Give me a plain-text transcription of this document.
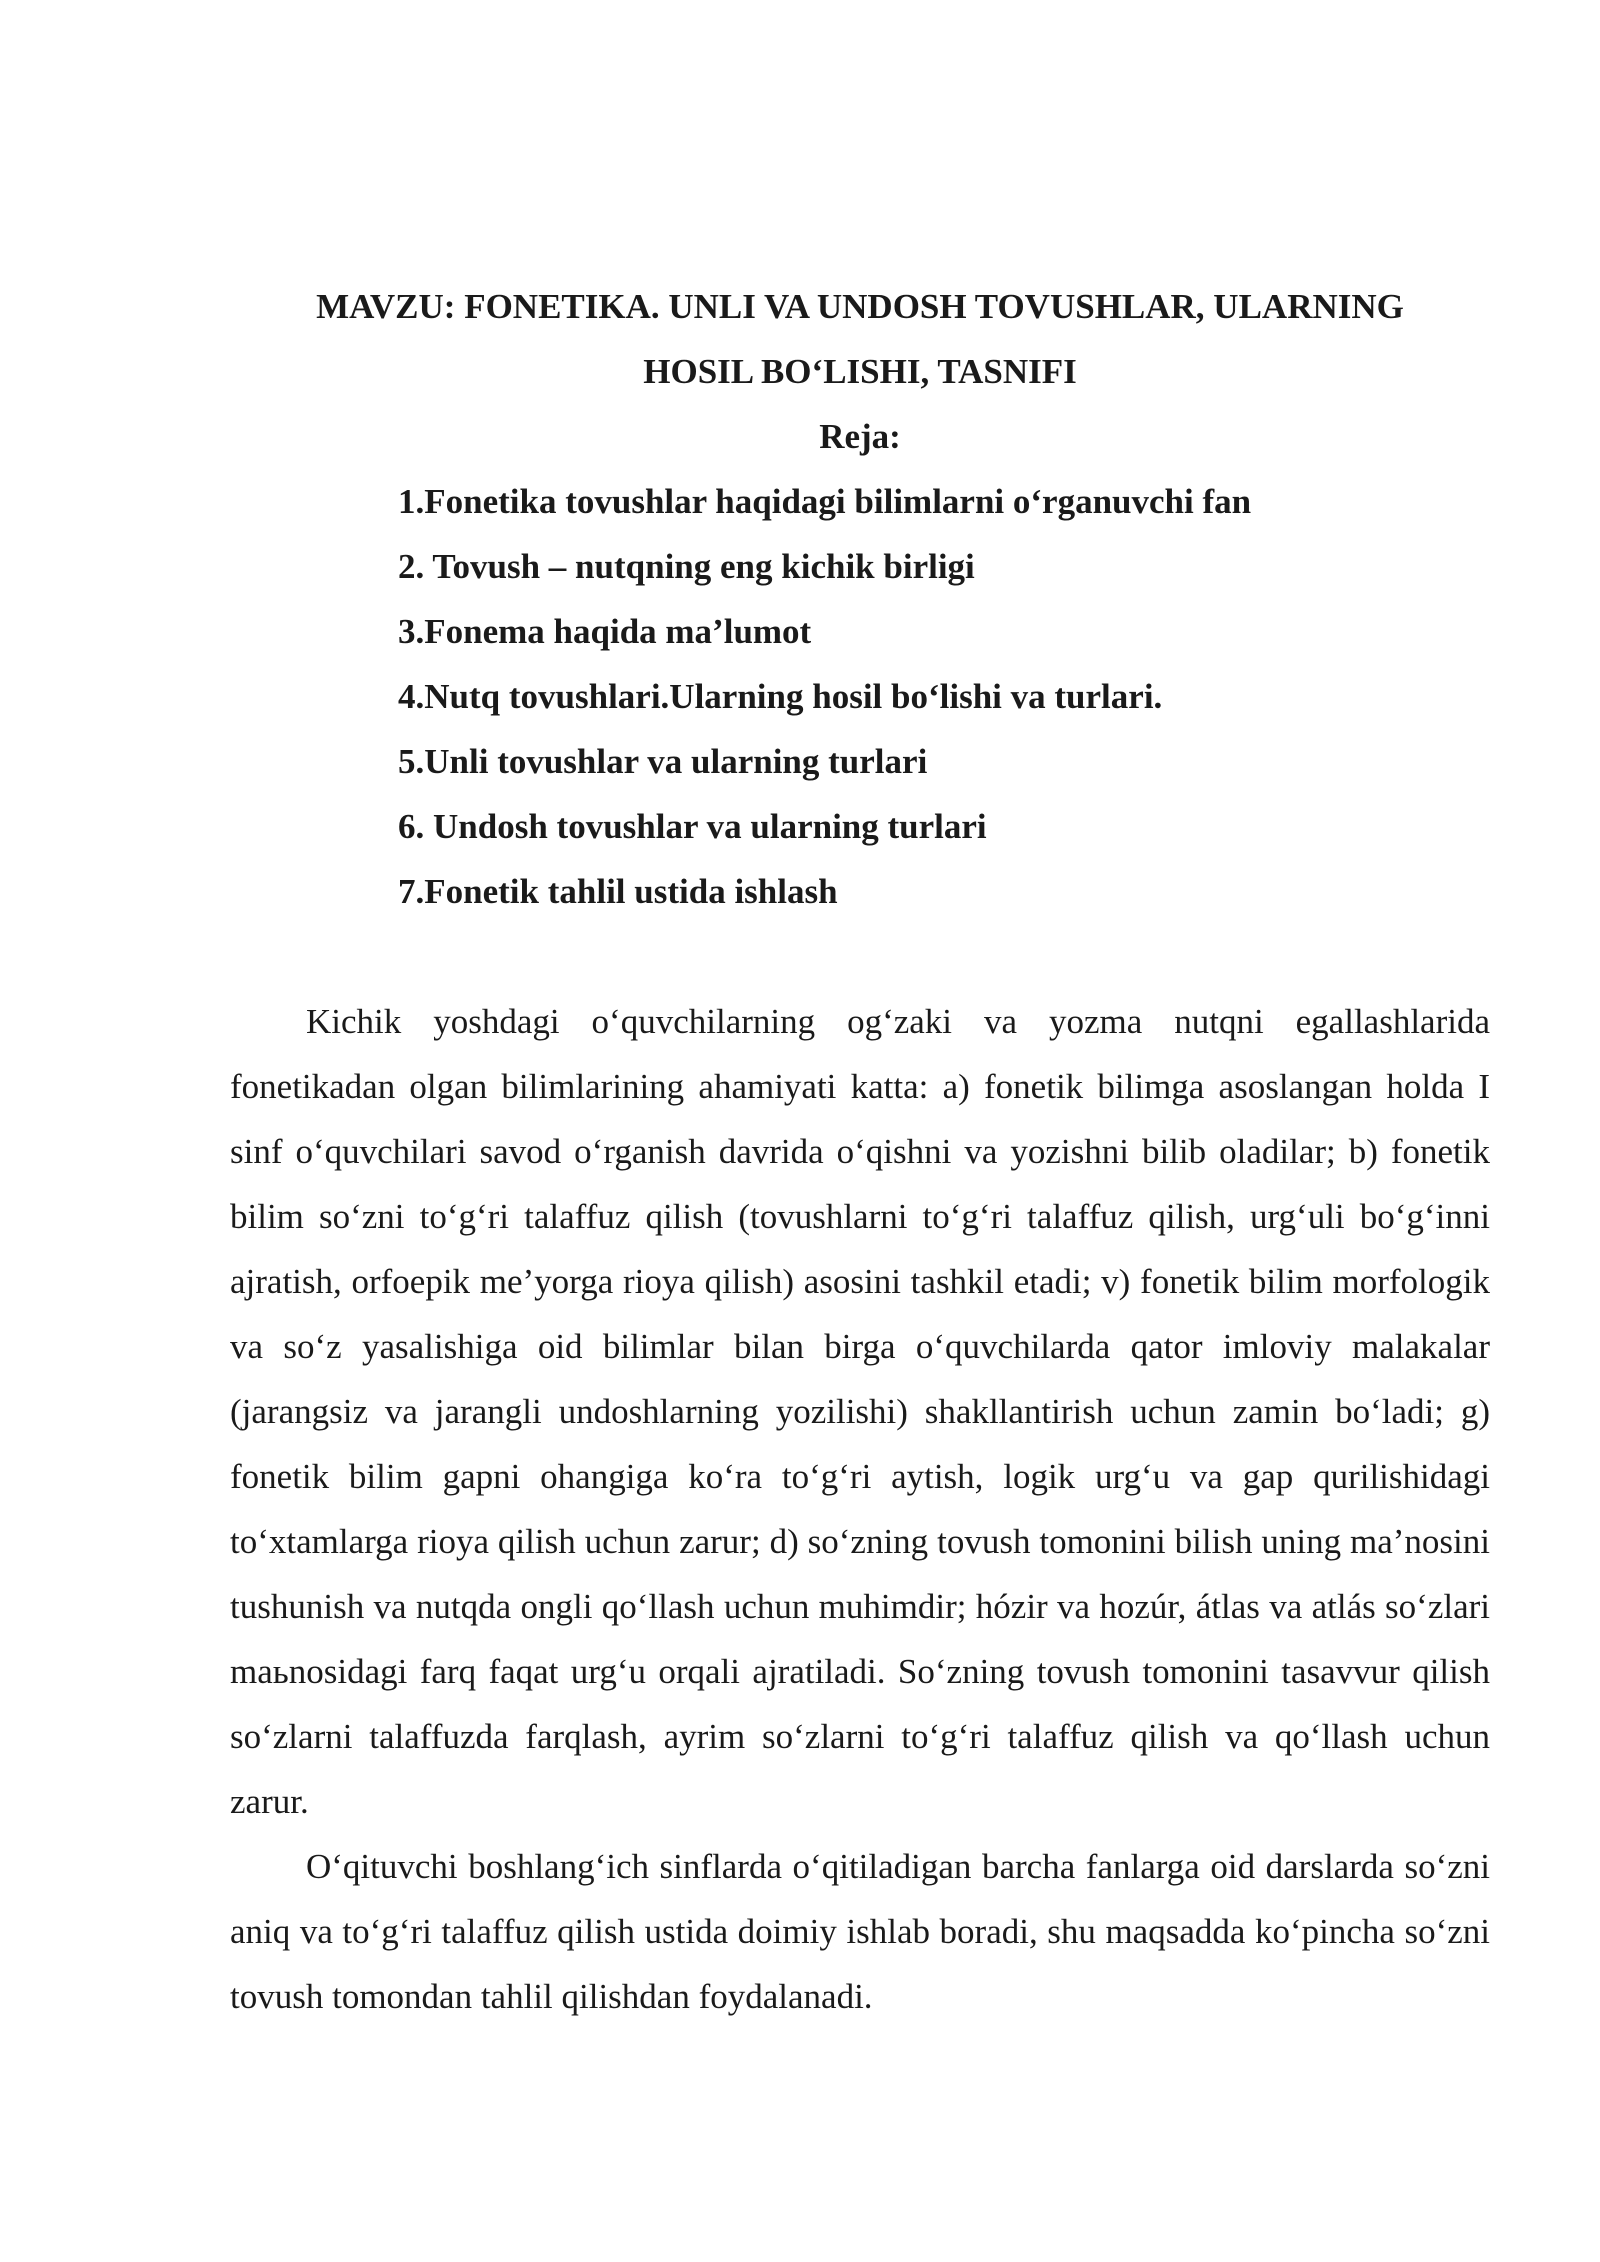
MAVZU: FONETIKA. UNLI VA UNDOSH TOVUSHLAR, ULARNING
HOSIL BO‘LISHI, TASNIFI
Reja:
1.Fonetika tovushlar haqidagi bilimlarni o‘rganuvchi fan
2. Tovush – nutqning eng kichik birligi
3.Fonema haqida ma’lumot
4.Nutq tovushlari.Ularning hosil bo‘lishi va turlari.
5.Unli tovushlar va ularning turlari
6. Undosh tovushlar va ularning turlari
7.Fonetik tahlil ustida ishlash

Kichik yoshdagi o‘quvchilarning og‘zaki va yozma nutqni egallashlarida fonetikadan olgan bilimlarining ahamiyati katta: a) fonetik bilimga asoslangan holda I sinf o‘quvchilari savod o‘rganish davrida o‘qishni va yozishni bilib oladilar; b) fonetik bilim so‘zni to‘g‘ri talaffuz qilish (tovushlarni to‘g‘ri talaffuz qilish, urg‘uli bo‘g‘inni ajratish, orfoepik me’yorga rioya qilish) asosini tashkil etadi; v) fonetik bilim morfologik va so‘z yasalishiga oid bilimlar bilan birga o‘quvchilarda qator imloviy malakalar (jarangsiz va jarangli undoshlarning yozilishi) shakllantirish uchun zamin bo‘ladi; g) fonetik bilim gapni ohangiga ko‘ra to‘g‘ri aytish, logik urg‘u va gap qurilishidagi to‘xtamlarga rioya qilish uchun zarur; d) so‘zning tovush tomonini bilish uning ma’nosini tushunish va nutqda ongli qo‘llash uchun muhimdir; hózir va hozúr, átlas va atlás so‘zlari maьnosidagi farq faqat urg‘u orqali ajratiladi. So‘zning tovush tomonini tasavvur qilish so‘zlarni talaffuzda farqlash, ayrim so‘zlarni to‘g‘ri talaffuz qilish va qo‘llash uchun zarur.

O‘qituvchi boshlang‘ich sinflarda o‘qitiladigan barcha fanlarga oid darslarda so‘zni aniq va to‘g‘ri talaffuz qilish ustida doimiy ishlab boradi, shu maqsadda ko‘pincha so‘zni tovush tomondan tahlil qilishdan foydalanadi.
